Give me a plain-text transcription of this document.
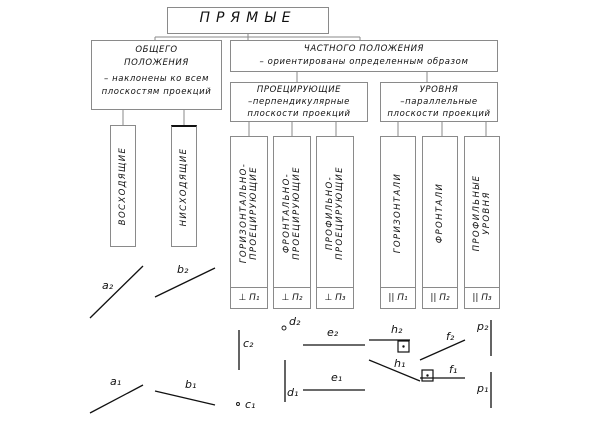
ПРЯМЫЕ
ОБЩЕГО
ПОЛОЖЕНИЯ
– наклонены ко всем
плоскостям проекций
ЧАСТНОГО ПОЛОЖЕНИЯ
– ориентированы определенным образом
ПРОЕЦИРУЮЩИЕ
–перпендикулярные
плоскости проекций
УРОВНЯ
–параллельные
плоскости проекций
ВОСХОДЯЩИЕ	НИСХОДЯЩИЕ	ГОРИЗОНТАЛЬНО- ПРОЕЦИРУЮЩИЕ
⊥ П₁
ФРОНТАЛЬНО- ПРОЕЦИРУЮЩИЕ
⊥ П₂
ПРОФИЛЬНО- ПРОЕЦИРУЮЩИЕ
⊥ П₃
ГОРИЗОНТАЛИ
|| П₁
ФРОНТАЛИ
|| П₂
ПРОФИЛЬНЫЕ УРОВНЯ
|| П₃
a₂
a₁
b₂
b₁
c₂
c₁
d₂
d₁
e₂
e₁
h₂
h₁
f₂
f₁
p₂
p₁
